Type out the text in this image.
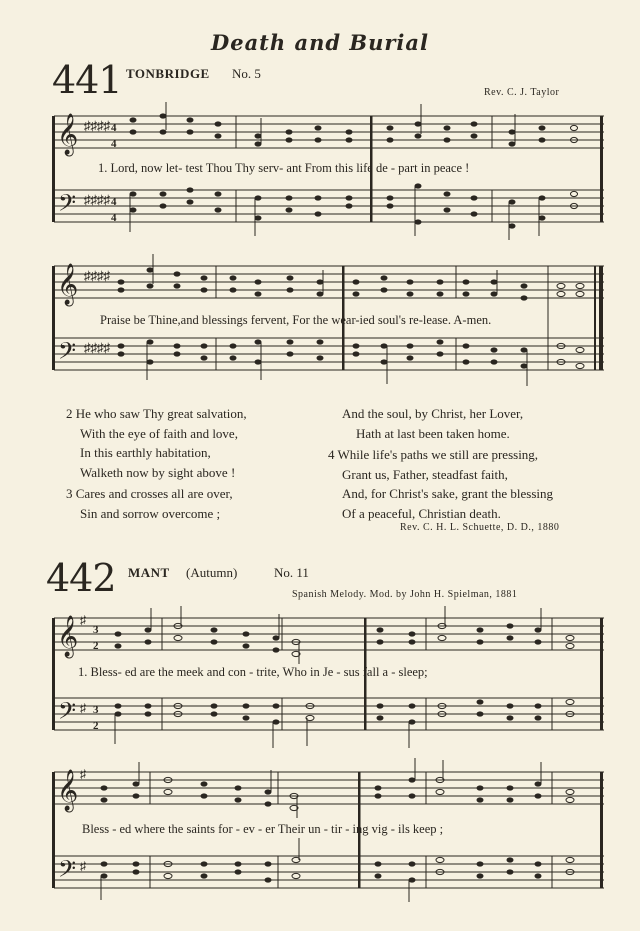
Death and Burial
441 TONBRIDGE No. 5
Rev. C. J. Taylor
𝄞
𝄢
♯♯♯♯
♯♯♯♯
4
4
4
4
1. Lord, now let- test Thou Thy serv- ant From this life de - part in peace !
𝄞
𝄢
♯♯♯♯
♯♯♯♯
Praise be Thine,and blessings fervent, For the wear-ied soul's re-lease. A-men.
2 He who saw Thy great salvation,
With the eye of faith and love,
In this earthly habitation,
Walketh now by sight above !
3 Cares and crosses all are over,
Sin and sorrow overcome ;
And the soul, by Christ, her Lover,
Hath at last been taken home.
4 While life's paths we still are pressing,
Grant us, Father, steadfast faith,
And, for Christ's sake, grant the blessing
Of a peaceful, Christian death.
Rev. C. H. L. Schuette, D. D., 1880
442 MANT (Autumn)	No. 11
Spanish Melody. Mod. by John H. Spielman, 1881
𝄞
𝄢
♯
♯
3
2
3
2
1. Bless- ed are the meek and con - trite, Who in Je - sus fall a - sleep;
𝄞
𝄢
♯
♯
Bless - ed where the saints for - ev - er Their un - tir - ing vig - ils keep ;
